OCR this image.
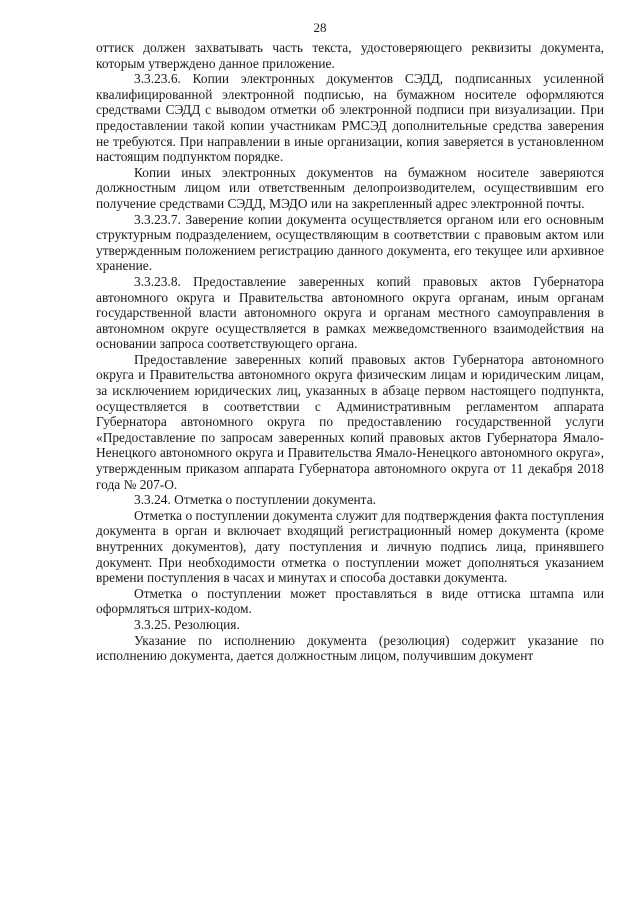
28

оттиск должен захватывать часть текста, удостоверяющего реквизиты документа, которым утверждено данное приложение.

3.3.23.6. Копии электронных документов СЭДД, подписанных усиленной квалифицированной электронной подписью, на бумажном носителе оформляются средствами СЭДД с выводом отметки об электронной подписи при визуализации. При предоставлении такой копии участникам РМСЭД дополнительные средства заверения не требуются. При направлении в иные организации, копия заверяется в установленном настоящим подпунктом порядке.

Копии иных электронных документов на бумажном носителе заверяются должностным лицом или ответственным делопроизводителем, осуществившим его получение средствами СЭДД, МЭДО или на закрепленный адрес электронной почты.

3.3.23.7. Заверение копии документа осуществляется органом или его основным структурным подразделением, осуществляющим в соответствии с правовым актом или утвержденным положением регистрацию данного документа, его текущее или архивное хранение.

3.3.23.8. Предоставление заверенных копий правовых актов Губернатора автономного округа и Правительства автономного округа органам, иным органам государственной власти автономного округа и органам местного самоуправления в автономном округе осуществляется в рамках межведомственного взаимодействия на основании запроса соответствующего органа.

Предоставление заверенных копий правовых актов Губернатора автономного округа и Правительства автономного округа физическим лицам и юридическим лицам, за исключением юридических лиц, указанных в абзаце первом настоящего подпункта, осуществляется в соответствии с Административным регламентом аппарата Губернатора автономного округа по предоставлению государственной услуги «Предоставление по запросам заверенных копий правовых актов Губернатора Ямало-Ненецкого автономного округа и Правительства Ямало-Ненецкого автономного округа», утвержденным приказом аппарата Губернатора автономного округа от 11 декабря 2018 года № 207-О.

3.3.24. Отметка о поступлении документа.

Отметка о поступлении документа служит для подтверждения факта поступления документа в орган и включает входящий регистрационный номер документа (кроме внутренних документов), дату поступления и личную подпись лица, принявшего документ. При необходимости отметка о поступлении может дополняться указанием времени поступления в часах и минутах и способа доставки документа.

Отметка о поступлении может проставляться в виде оттиска штампа или оформляться штрих-кодом.

3.3.25. Резолюция.

Указание по исполнению документа (резолюция) содержит указание по исполнению документа, дается должностным лицом, получившим документ
